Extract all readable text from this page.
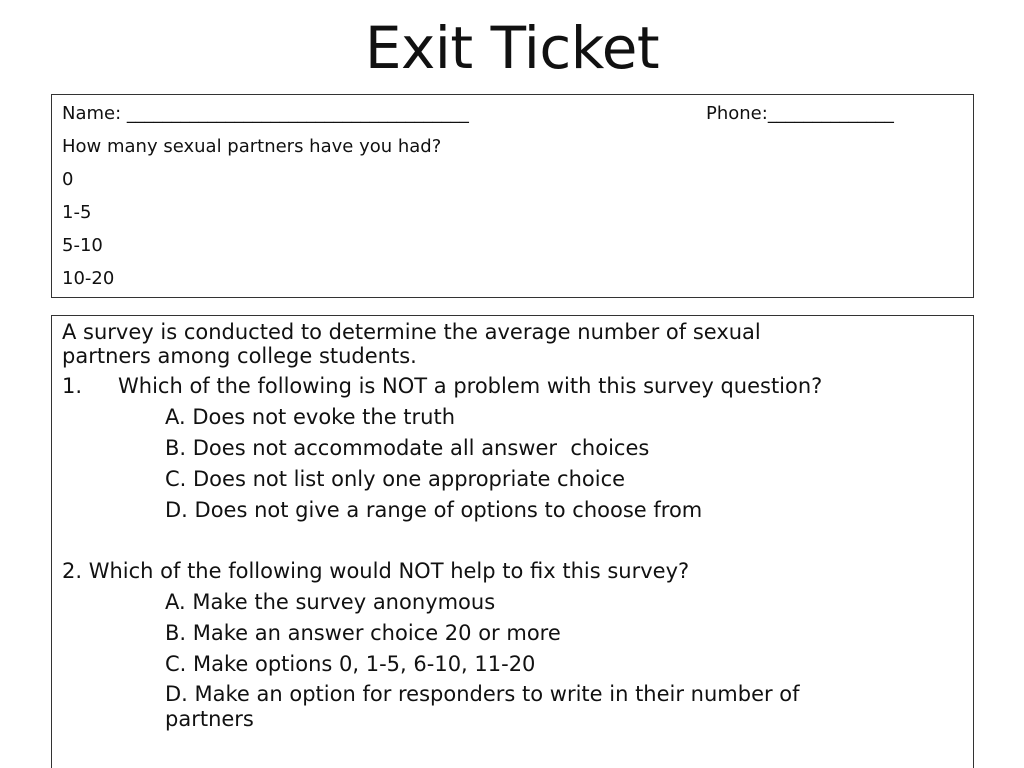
Exit Ticket
Name: ______________________________________	Phone:______________
How many sexual partners have you had?
0
1-5
5-10
10-20
A survey is conducted to determine the average number of sexual
partners among college students.
1. Which of the following is NOT a problem with this survey question?
A. Does not evoke the truth
B. Does not accommodate all answer  choices
C. Does not list only one appropriate choice
D. Does not give a range of options to choose from
2. Which of the following would NOT help to fix this survey?
A. Make the survey anonymous
B. Make an answer choice 20 or more
C. Make options 0, 1-5, 6-10, 11-20
D. Make an option for responders to write in their number of
partners
